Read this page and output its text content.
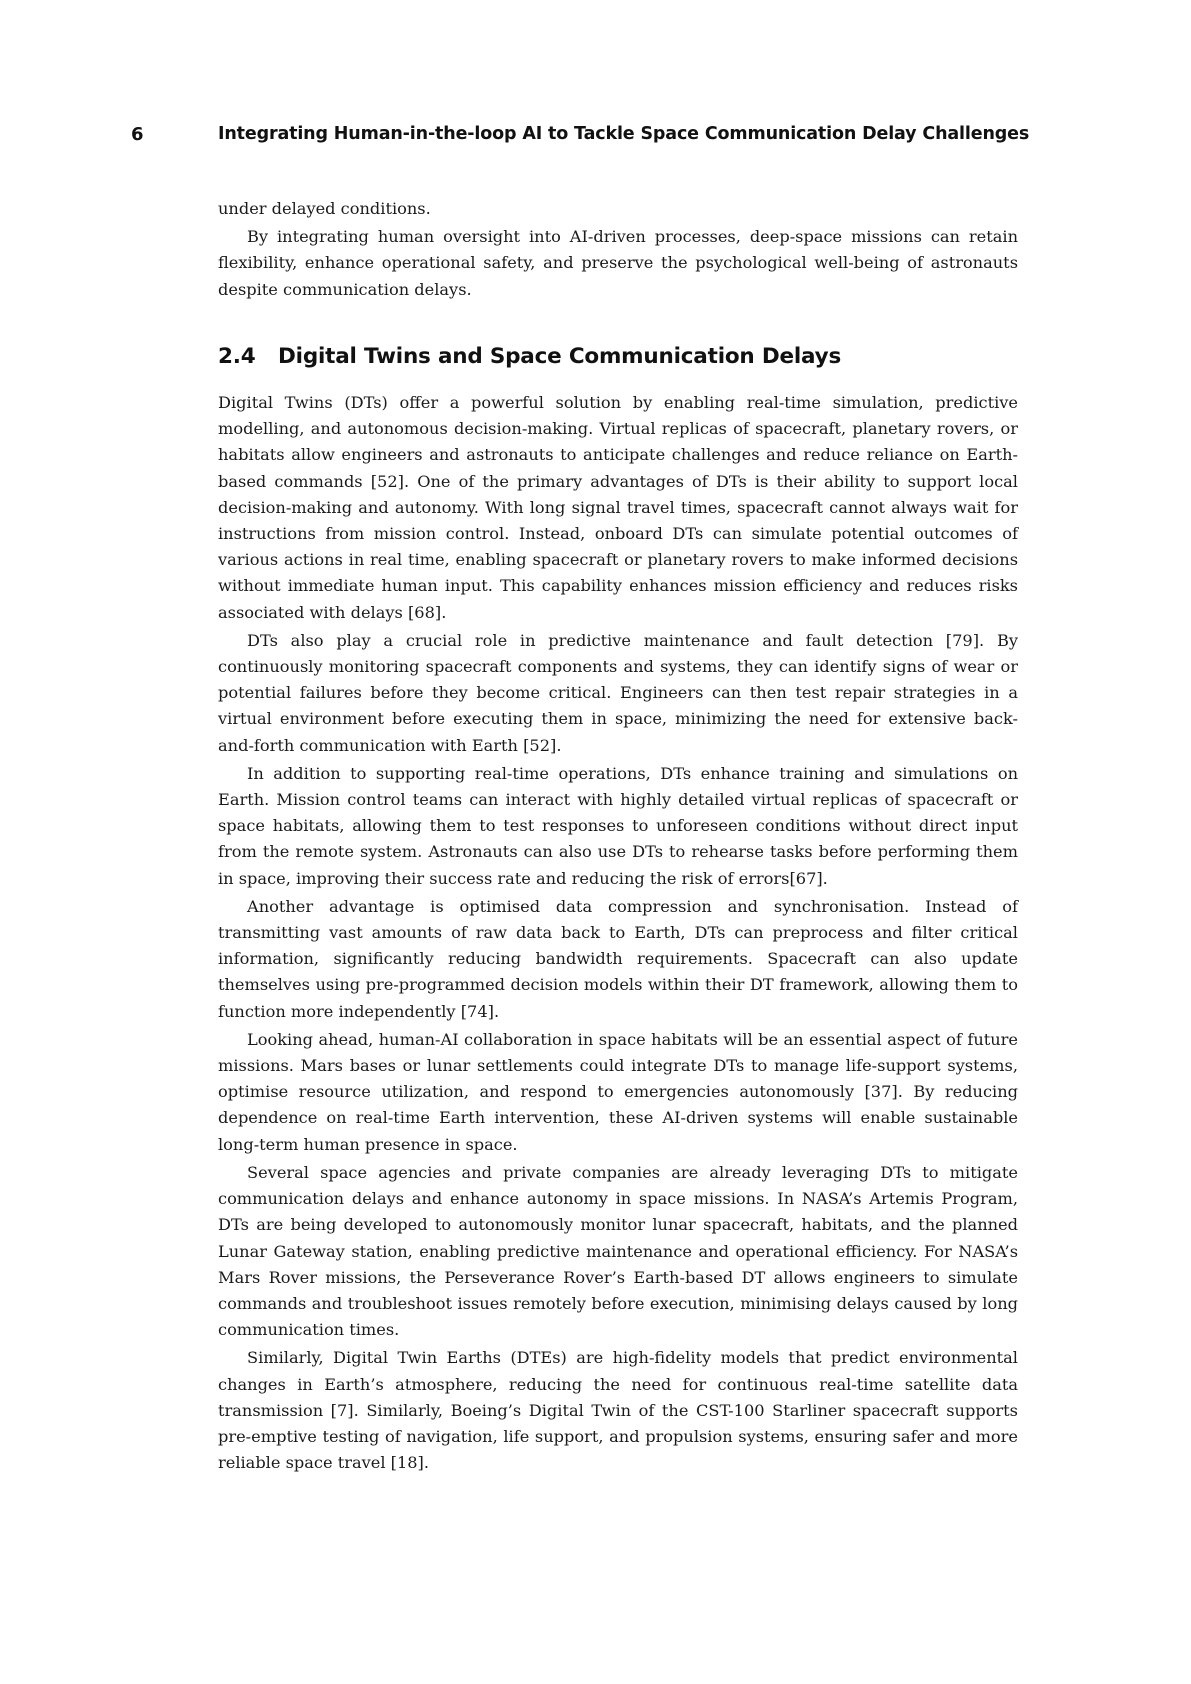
6	Integrating Human-in-the-loop AI to Tackle Space Communication Delay Challenges

under delayed conditions.

By integrating human oversight into AI-driven processes, deep-space missions can retain flexibility, enhance operational safety, and preserve the psychological well-being of astronauts despite communication delays.

2.4 Digital Twins and Space Communication Delays

Digital Twins (DTs) offer a powerful solution by enabling real-time simulation, predictive modelling, and autonomous decision-making. Virtual replicas of spacecraft, planetary rovers, or habitats allow engineers and astronauts to anticipate challenges and reduce reliance on Earth-based commands [52]. One of the primary advantages of DTs is their ability to support local decision-making and autonomy. With long signal travel times, spacecraft cannot always wait for instructions from mission control. Instead, onboard DTs can simulate potential outcomes of various actions in real time, enabling spacecraft or planetary rovers to make informed decisions without immediate human input. This capability enhances mission efficiency and reduces risks associated with delays [68].

DTs also play a crucial role in predictive maintenance and fault detection [79]. By continuously monitoring spacecraft components and systems, they can identify signs of wear or potential failures before they become critical. Engineers can then test repair strategies in a virtual environment before executing them in space, minimizing the need for extensive back-and-forth communication with Earth [52].

In addition to supporting real-time operations, DTs enhance training and simulations on Earth. Mission control teams can interact with highly detailed virtual replicas of spacecraft or space habitats, allowing them to test responses to unforeseen conditions without direct input from the remote system. Astronauts can also use DTs to rehearse tasks before performing them in space, improving their success rate and reducing the risk of errors[67].

Another advantage is optimised data compression and synchronisation. Instead of transmitting vast amounts of raw data back to Earth, DTs can preprocess and filter critical information, significantly reducing bandwidth requirements. Spacecraft can also update themselves using pre-programmed decision models within their DT framework, allowing them to function more independently [74].

Looking ahead, human-AI collaboration in space habitats will be an essential aspect of future missions. Mars bases or lunar settlements could integrate DTs to manage life-support systems, optimise resource utilization, and respond to emergencies autonomously [37]. By reducing dependence on real-time Earth intervention, these AI-driven systems will enable sustainable long-term human presence in space.

Several space agencies and private companies are already leveraging DTs to mitigate communication delays and enhance autonomy in space missions. In NASA’s Artemis Program, DTs are being developed to autonomously monitor lunar spacecraft, habitats, and the planned Lunar Gateway station, enabling predictive maintenance and operational efficiency. For NASA’s Mars Rover missions, the Perseverance Rover’s Earth-based DT allows engineers to simulate commands and troubleshoot issues remotely before execution, minimising delays caused by long communication times.

Similarly, Digital Twin Earths (DTEs) are high-fidelity models that predict environmental changes in Earth’s atmosphere, reducing the need for continuous real-time satellite data transmission [7]. Similarly, Boeing’s Digital Twin of the CST-100 Starliner spacecraft supports pre-emptive testing of navigation, life support, and propulsion systems, ensuring safer and more reliable space travel [18].
